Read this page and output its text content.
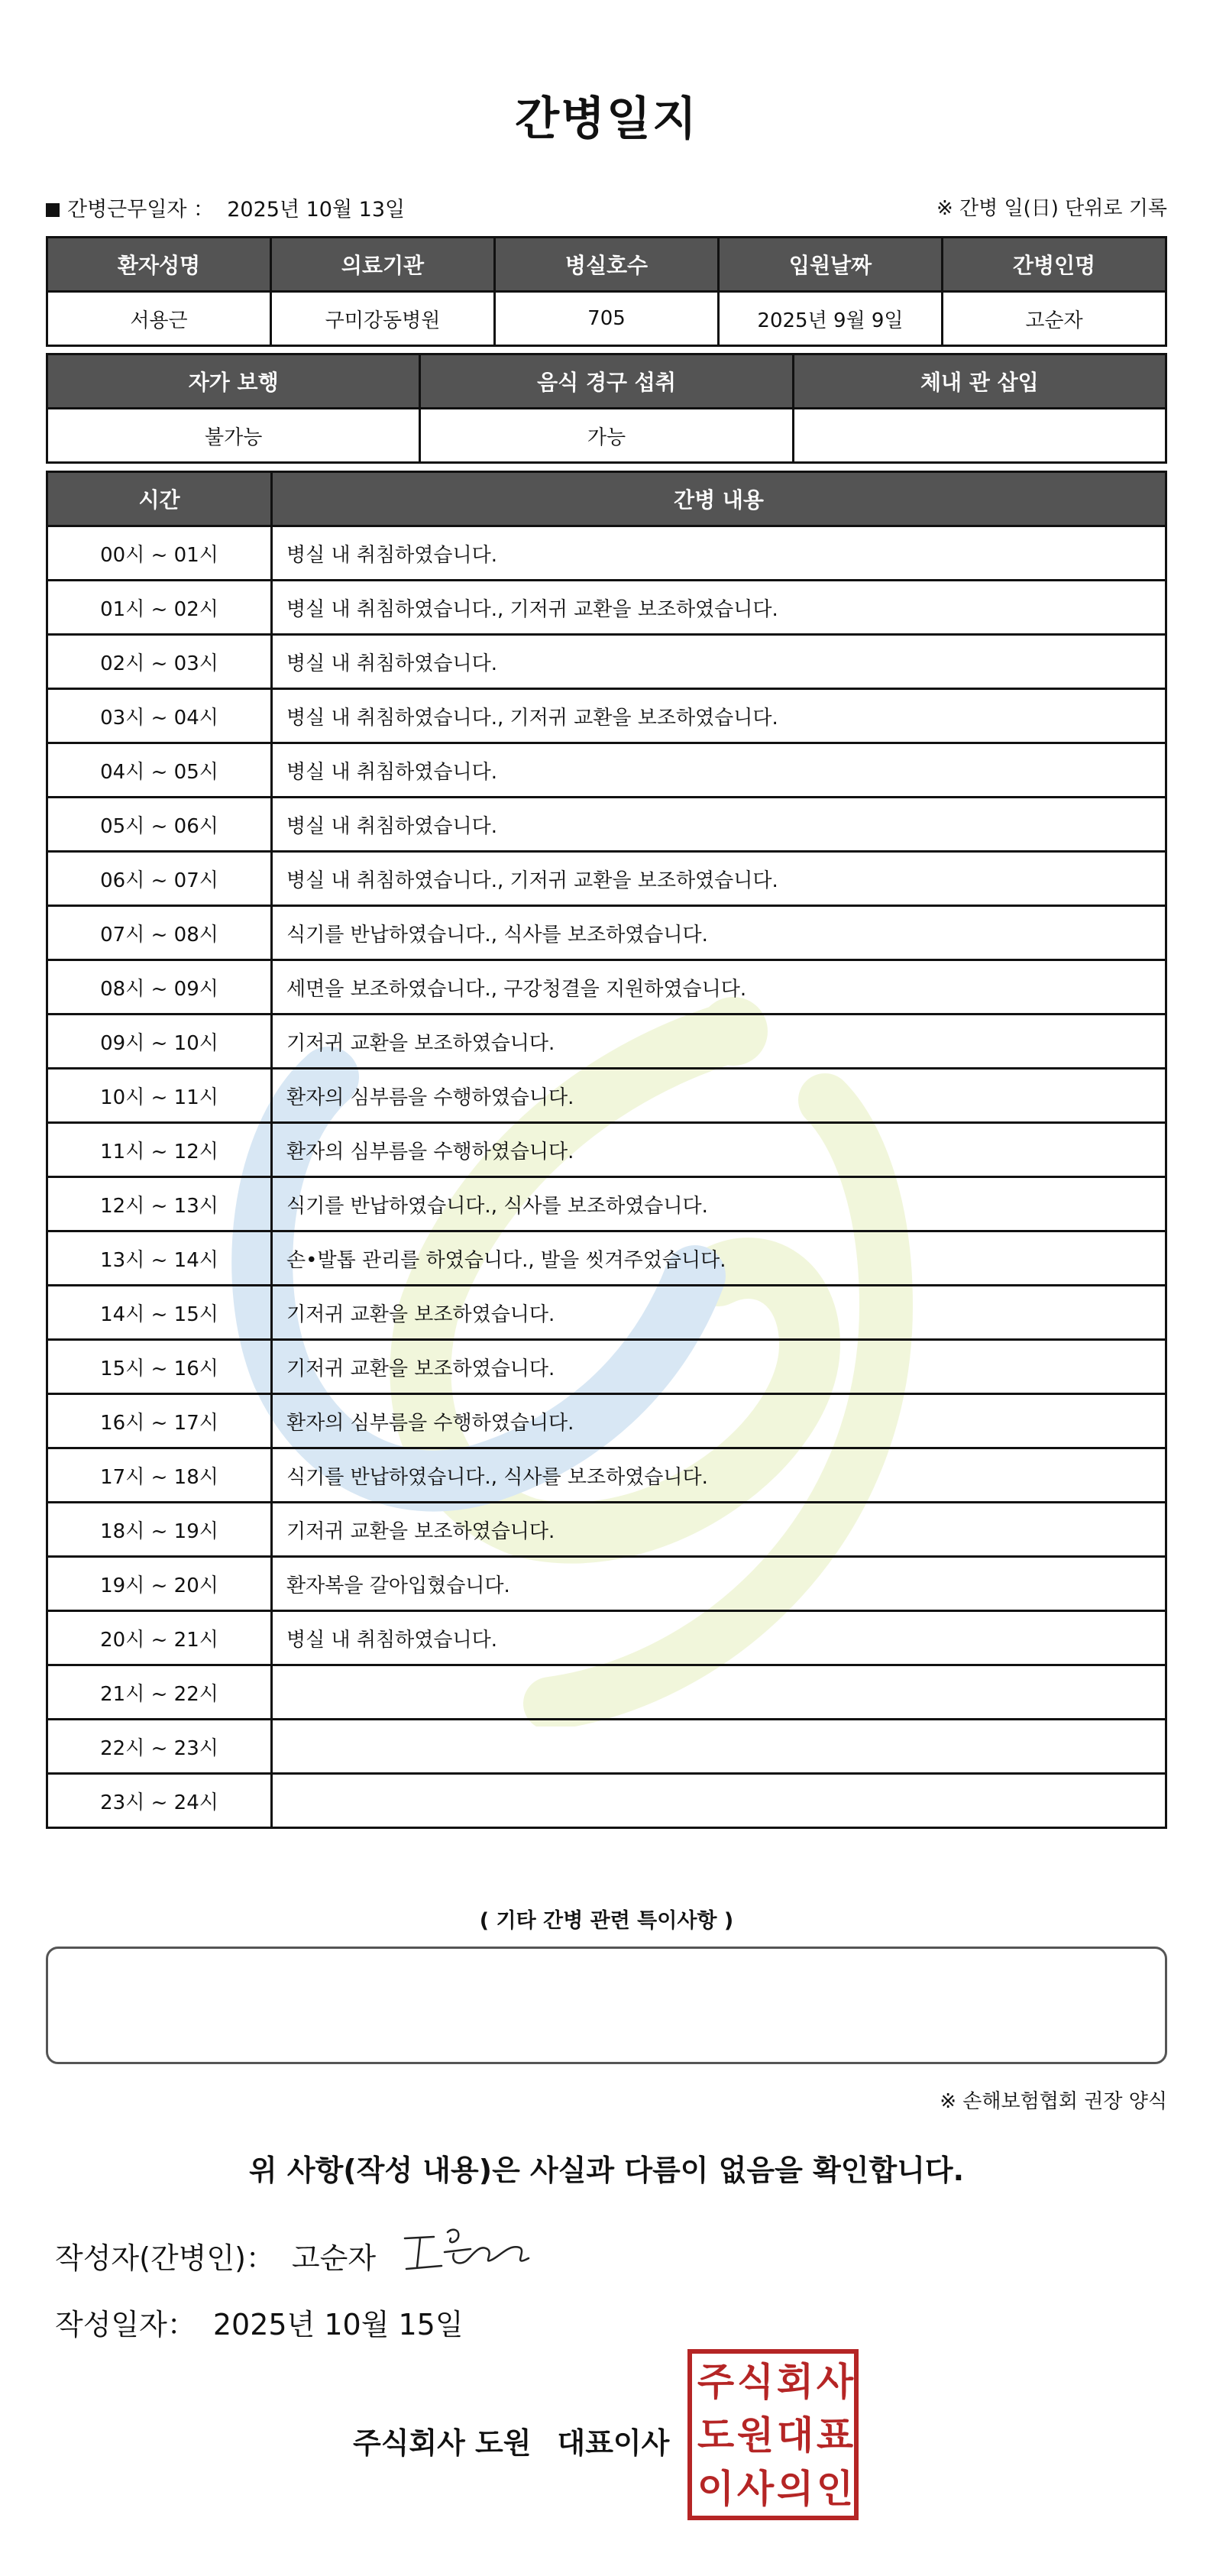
간병일지
간병근무일자 ： 2025년 10월 13일	※ 간병 일(日) 단위로 기록
환자성명	의료기관	병실호수	입원날짜	간병인명
서용근	구미강동병원	705	2025년 9월 9일	고순자
자가 보행	음식 경구 섭취	체내 관 삽입
불가능	가능	
시간	간병 내용
00시 ~ 01시	병실 내 취침하였습니다.
01시 ~ 02시	병실 내 취침하였습니다., 기저귀 교환을 보조하였습니다.
02시 ~ 03시	병실 내 취침하였습니다.
03시 ~ 04시	병실 내 취침하였습니다., 기저귀 교환을 보조하였습니다.
04시 ~ 05시	병실 내 취침하였습니다.
05시 ~ 06시	병실 내 취침하였습니다.
06시 ~ 07시	병실 내 취침하였습니다., 기저귀 교환을 보조하였습니다.
07시 ~ 08시	식기를 반납하였습니다., 식사를 보조하였습니다.
08시 ~ 09시	세면을 보조하였습니다., 구강청결을 지원하였습니다.
09시 ~ 10시	기저귀 교환을 보조하였습니다.
10시 ~ 11시	환자의 심부름을 수행하였습니다.
11시 ~ 12시	환자의 심부름을 수행하였습니다.
12시 ~ 13시	식기를 반납하였습니다., 식사를 보조하였습니다.
13시 ~ 14시	손•발톱 관리를 하였습니다., 발을 씻겨주었습니다.
14시 ~ 15시	기저귀 교환을 보조하였습니다.
15시 ~ 16시	기저귀 교환을 보조하였습니다.
16시 ~ 17시	환자의 심부름을 수행하였습니다.
17시 ~ 18시	식기를 반납하였습니다., 식사를 보조하였습니다.
18시 ~ 19시	기저귀 교환을 보조하였습니다.
19시 ~ 20시	환자복을 갈아입혔습니다.
20시 ~ 21시	병실 내 취침하였습니다.
21시 ~ 22시	
22시 ~ 23시	
23시 ~ 24시	
( 기타 간병 관련 특이사항 )
※ 손해보험협회 권장 양식
위 사항(작성 내용)은 사실과 다름이 없음을 확인합니다.
작성자(간병인)： 고순자
작성일자： 2025년 10월 15일
주식회사 도원 대표이사
주 식 회 사
도 원 대 표
이 사 의 인
